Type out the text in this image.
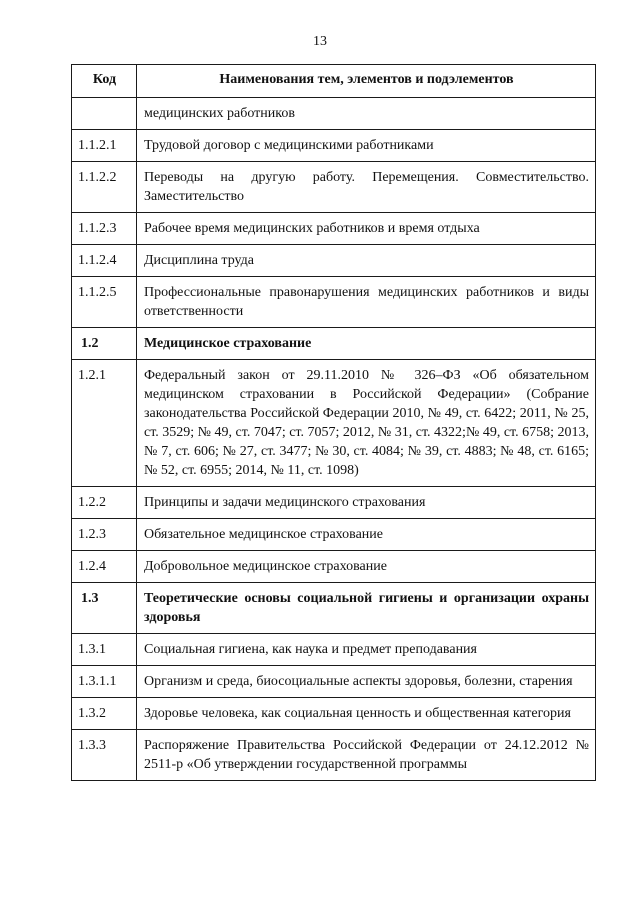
13
Код	Наименования тем, элементов и подэлементов
	медицинских работников
1.1.2.1	Трудовой договор с медицинскими работниками
1.1.2.2	Переводы на другую работу. Перемещения. Совместительство. Заместительство
1.1.2.3	Рабочее время медицинских работников и время отдыха
1.1.2.4	Дисциплина труда
1.1.2.5	Профессиональные правонарушения медицинских работников и виды ответственности
1.2	Медицинское страхование
1.2.1	Федеральный закон от 29.11.2010 № 326–ФЗ «Об обязательном медицинском страховании в Российской Федерации» (Собрание законодательства Российской Федерации 2010, № 49, ст. 6422; 2011, № 25, ст. 3529; № 49, ст. 7047; ст. 7057; 2012, № 31, ст. 4322;№ 49, ст. 6758; 2013, № 7, ст. 606; № 27, ст. 3477; № 30, ст. 4084; № 39, ст. 4883; № 48, ст. 6165; № 52, ст. 6955; 2014, № 11, ст. 1098)
1.2.2	Принципы и задачи медицинского страхования
1.2.3	Обязательное медицинское страхование
1.2.4	Добровольное медицинское страхование
1.3	Теоретические основы социальной гигиены и организации охраны здоровья
1.3.1	Социальная гигиена, как наука и предмет преподавания
1.3.1.1	Организм и среда, биосоциальные аспекты здоровья, болезни, старения
1.3.2	Здоровье человека, как социальная ценность и общественная категория
1.3.3	Распоряжение Правительства Российской Федерации от 24.12.2012 № 2511-р «Об утверждении государственной программы
